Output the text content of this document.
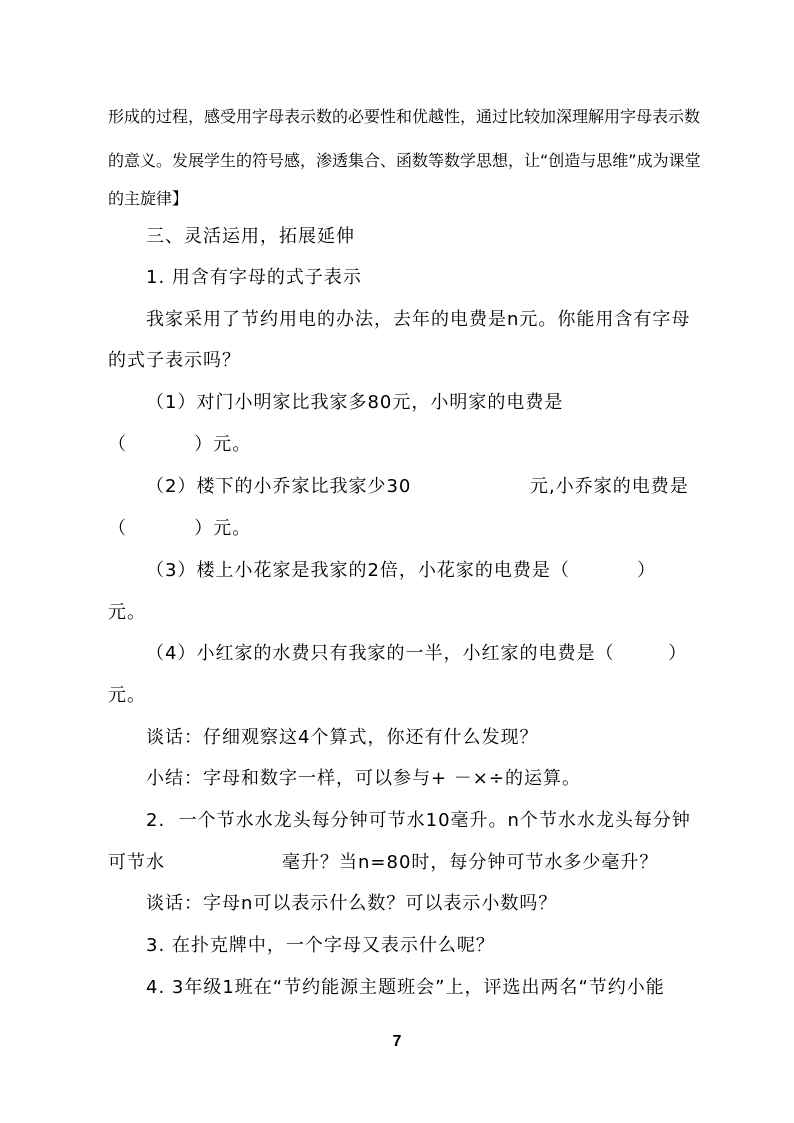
形成的过程，感受用字母表示数的必要性和优越性，通过比较加深理解用字母表示数
的意义。发展学生的符号感，渗透集合、函数等数学思想，让“创造与思维”成为课堂
的主旋律】
三、灵活运用，拓展延伸
1. 用含有字母的式子表示
我家采用了节约用电的办法，去年的电费是n元。你能用含有字母
的式子表示吗？
（1）对门小明家比我家多80元，小明家的电费是
（          ）元。
（2）楼下的小乔家比我家少30	元,小乔家的电费是
（          ）元。
（3）楼上小花家是我家的2倍，小花家的电费是（          ）
元。
（4）小红家的水费只有我家的一半，小红家的电费是（        ）
元。
谈话：仔细观察这4个算式，你还有什么发现？
小结：字母和数字一样，可以参与+ －×÷的运算。
2.  一个节水水龙头每分钟可节水10毫升。n个节水水龙头每分钟
可节水	毫升？当n=80时，每分钟可节水多少毫升？
谈话：字母n可以表示什么数？可以表示小数吗？
3. 在扑克牌中，一个字母又表示什么呢？
4. 3年级1班在“节约能源主题班会”上，评选出两名“节约小能
7
